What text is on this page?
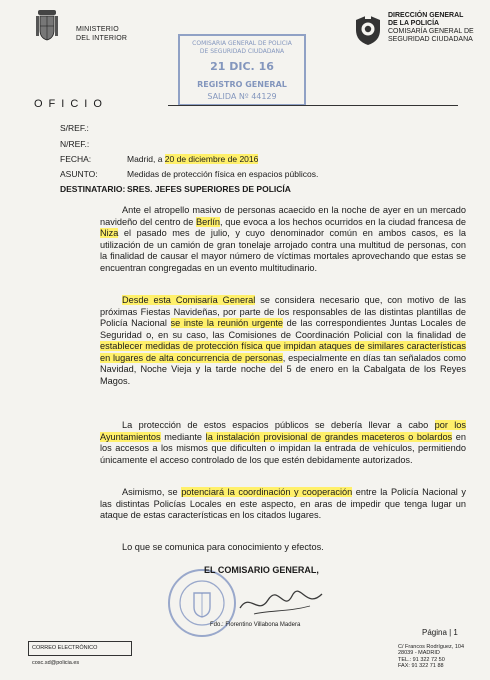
MINISTERIO
DEL INTERIOR
COMISARÍA GENERAL DE POLICÍA
DE SEGURIDAD CIUDADANA
21 DIC. 16
REGISTRO GENERAL
SALIDA Nº 44129
DIRECCIÓN GENERAL
DE LA POLICÍA
COMISARÍA GENERAL DE
SEGURIDAD CIUDADANA
OFICIO
S/REF.:
N/REF.:
FECHA:	Madrid, a 20 de diciembre de 2016
ASUNTO:	Medidas de protección física en espacios públicos.
DESTINATARIO: SRES. JEFES SUPERIORES DE POLICÍA
Ante el atropello masivo de personas acaecido en la noche de ayer en un mercado navideño del centro de Berlín, que evoca a los hechos ocurridos en la ciudad francesa de Niza el pasado mes de julio, y cuyo denominador común en ambos casos, es la utilización de un camión de gran tonelaje arrojado contra una multitud de personas, con la finalidad de causar el mayor número de víctimas mortales aprovechando que estas se encuentran congregadas en un evento multitudinario.
Desde esta Comisaría General se considera necesario que, con motivo de las próximas Fiestas Navideñas, por parte de los responsables de las distintas plantillas de Policía Nacional se inste la reunión urgente de las correspondientes Juntas Locales de Seguridad o, en su caso, las Comisiones de Coordinación Policial con la finalidad de establecer medidas de protección física que impidan ataques de similares características en lugares de alta concurrencia de personas, especialmente en días tan señalados como Navidad, Noche Vieja y la tarde noche del 5 de enero en la Cabalgata de los Reyes Magos.
La protección de estos espacios públicos se debería llevar a cabo por los Ayuntamientos mediante la instalación provisional de grandes maceteros o bolardos en los accesos a los mismos que dificulten o impidan la entrada de vehículos, permitiendo únicamente el acceso controlado de los que estén debidamente autorizados.
Asimismo, se potenciará la coordinación y cooperación entre la Policía Nacional y las distintas Policías Locales en este aspecto, en aras de impedir que tenga lugar un ataque de estas características en los citados lugares.
Lo que se comunica para conocimiento y efectos.
EL COMISARIO GENERAL,
Fdo.: Florentino Villabona Madera
CORREO ELECTRÓNICO
cosc.sd@policia.es
Página | 1
C/ Francos Rodríguez, 104
28039 - MADRID
TEL.: 91 322 72 50
FAX: 91 322 71 88
